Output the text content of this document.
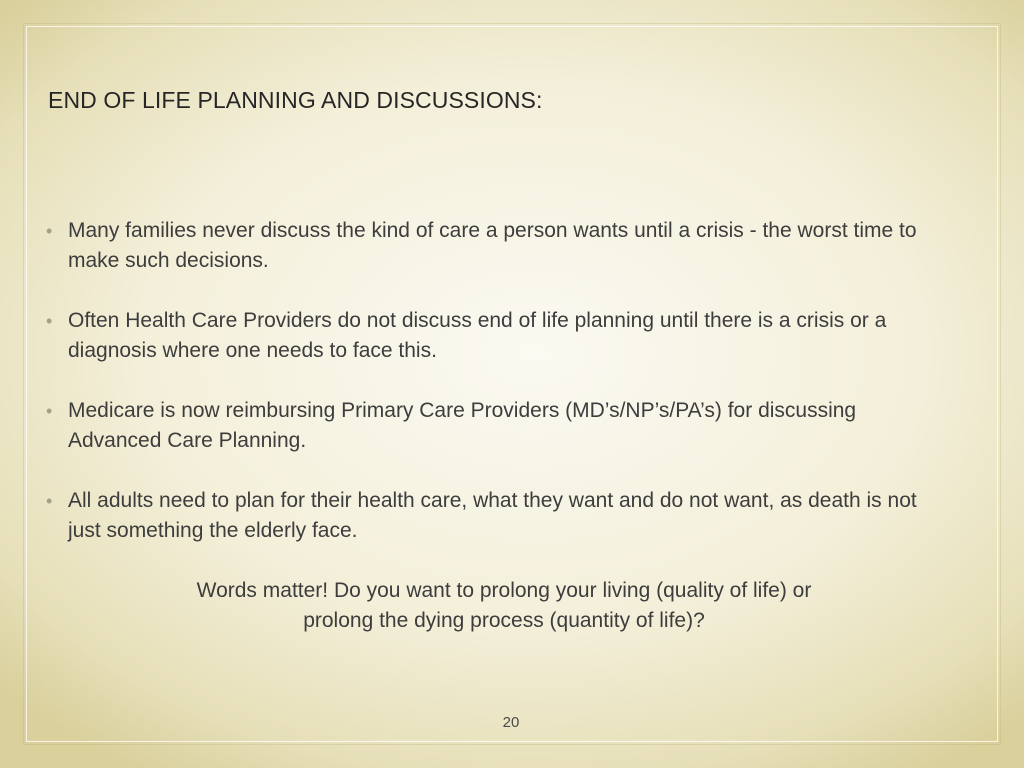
END OF LIFE PLANNING AND DISCUSSIONS:
• Many families never discuss the kind of care a person wants until a crisis - the worst time to make such decisions.
• Often Health Care Providers do not discuss end of life planning until there is a crisis or a diagnosis where one needs to face this.
• Medicare is now reimbursing Primary Care Providers (MD’s/NP’s/PA’s) for discussing Advanced Care Planning.
• All adults need to plan for their health care, what they want and do not want, as death is not just something the elderly face.

Words matter! Do you want to prolong your living (quality of life) or
prolong the dying process (quantity of life)?

20
